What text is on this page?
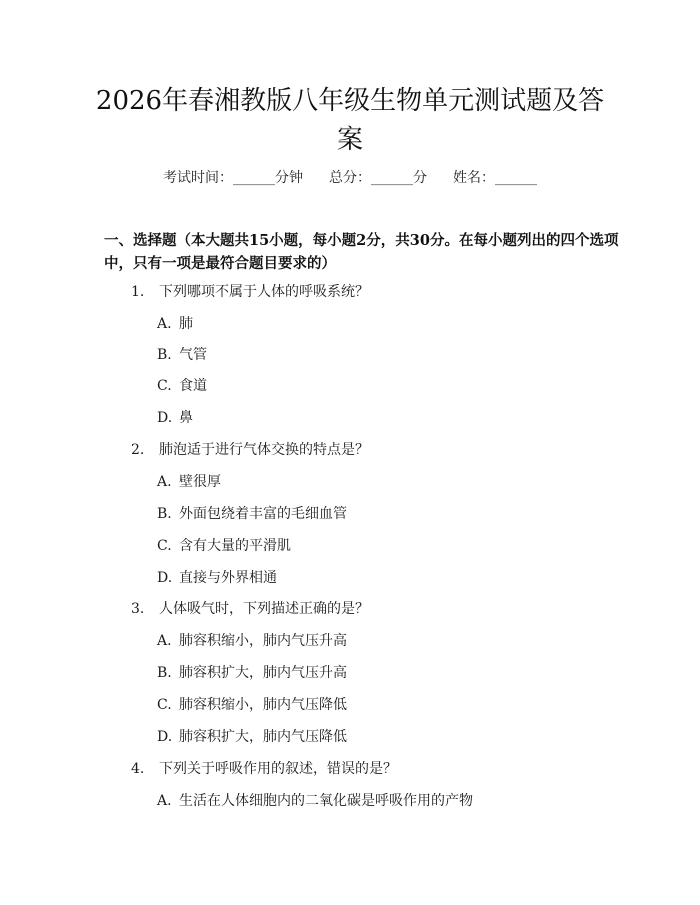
2026年春湘教版八年级生物单元测试题及答案
考试时间：______分钟 总分：______分 姓名：______

一、选择题（本大题共15小题，每小题2分，共30分。在每小题列出的四个选项中，只有一项是最符合题目要求的）

1. 下列哪项不属于人体的呼吸系统？
A. 肺
B. 气管
C. 食道
D. 鼻
2. 肺泡适于进行气体交换的特点是？
A. 壁很厚
B. 外面包绕着丰富的毛细血管
C. 含有大量的平滑肌
D. 直接与外界相通
3. 人体吸气时，下列描述正确的是？
A. 肺容积缩小，肺内气压升高
B. 肺容积扩大，肺内气压升高
C. 肺容积缩小，肺内气压降低
D. 肺容积扩大，肺内气压降低
4. 下列关于呼吸作用的叙述，错误的是？
A. 生活在人体细胞内的二氧化碳是呼吸作用的产物
